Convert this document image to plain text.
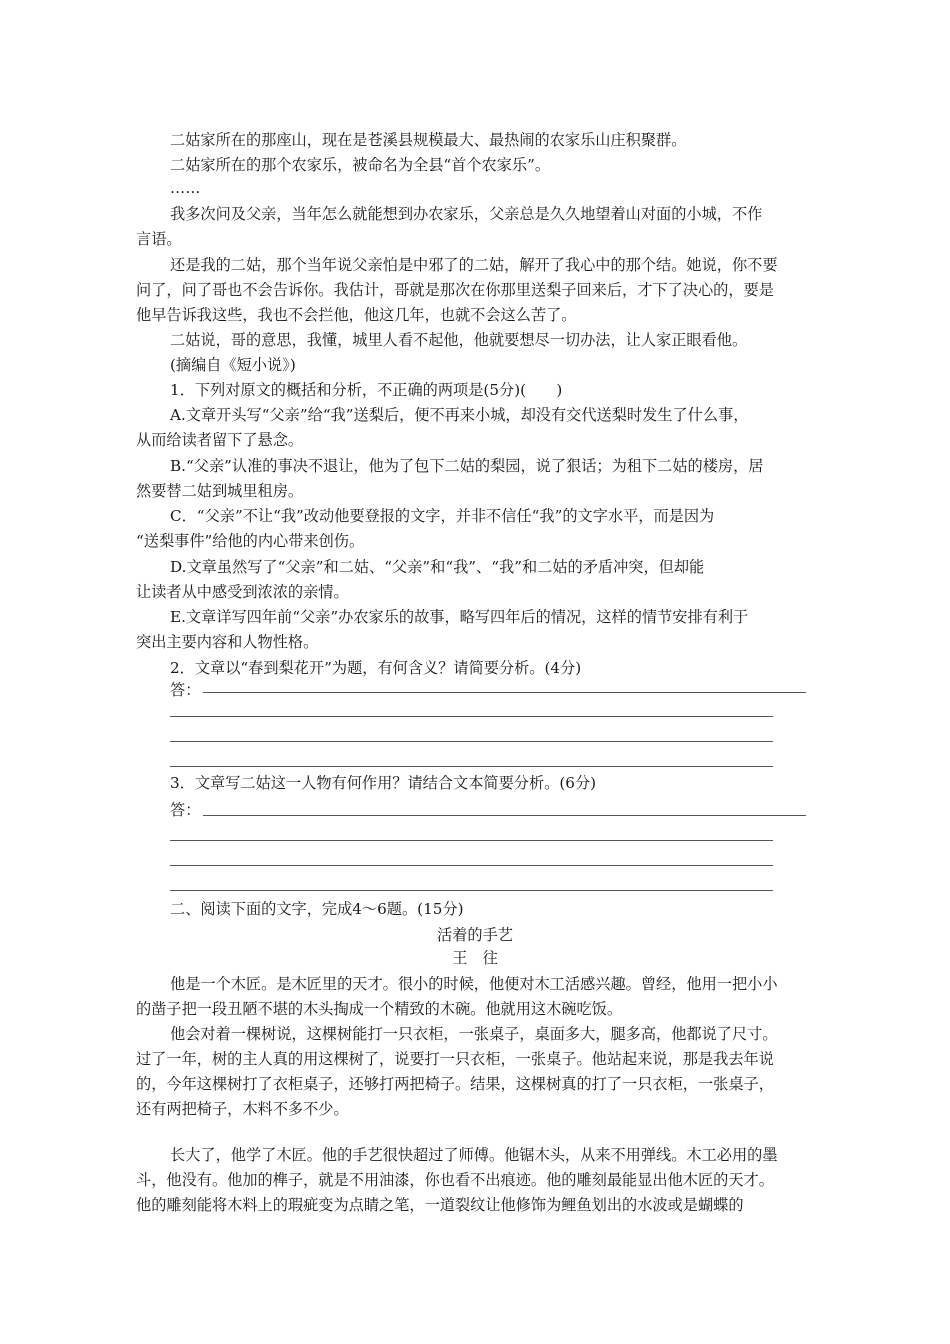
二姑家所在的那座山，现在是苍溪县规模最大、最热闹的农家乐山庄积聚群。
二姑家所在的那个农家乐，被命名为全县“首个农家乐”。
……
我多次问及父亲，当年怎么就能想到办农家乐，父亲总是久久地望着山对面的小城，不作
言语。
还是我的二姑，那个当年说父亲怕是中邪了的二姑，解开了我心中的那个结。她说，你不要
问了，问了哥也不会告诉你。我估计，哥就是那次在你那里送梨子回来后，才下了决心的，要是
他早告诉我这些，我也不会拦他，他这几年，也就不会这么苦了。
二姑说，哥的意思，我懂，城里人看不起他，他就要想尽一切办法，让人家正眼看他。
(摘编自《短小说》)
1．下列对原文的概括和分析，不正确的两项是(5分)(　　)
A.文章开头写“父亲”给“我”送梨后，便不再来小城，却没有交代送梨时发生了什么事，
从而给读者留下了悬念。
B.“父亲”认准的事决不退让，他为了包下二姑的梨园，说了狠话；为租下二姑的楼房，居
然要替二姑到城里租房。
C．“父亲”不让“我”改动他要登报的文字，并非不信任“我”的文字水平，而是因为
“送梨事件”给他的内心带来创伤。
D.文章虽然写了“父亲”和二姑、“父亲”和“我”、“我”和二姑的矛盾冲突，但却能
让读者从中感受到浓浓的亲情。
E.文章详写四年前“父亲”办农家乐的故事，略写四年后的情况，这样的情节安排有利于
突出主要内容和人物性格。
2．文章以“春到梨花开”为题，有何含义？请简要分析。(4分)
答：
3．文章写二姑这一人物有何作用？请结合文本简要分析。(6分)
答：
二、阅读下面的文字，完成4～6题。(15分)
活着的手艺
王　往
他是一个木匠。是木匠里的天才。很小的时候，他便对木工活感兴趣。曾经，他用一把小小
的凿子把一段丑陋不堪的木头掏成一个精致的木碗。他就用这木碗吃饭。
他会对着一棵树说，这棵树能打一只衣柜，一张桌子，桌面多大，腿多高，他都说了尺寸。
过了一年，树的主人真的用这棵树了，说要打一只衣柜，一张桌子。他站起来说，那是我去年说
的，今年这棵树打了衣柜桌子，还够打两把椅子。结果，这棵树真的打了一只衣柜，一张桌子，
还有两把椅子，木料不多不少。
长大了，他学了木匠。他的手艺很快超过了师傅。他锯木头，从来不用弹线。木工必用的墨
斗，他没有。他加的榫子，就是不用油漆，你也看不出痕迹。他的雕刻最能显出他木匠的天才。
他的雕刻能将木料上的瑕疵变为点睛之笔，一道裂纹让他修饰为鲤鱼划出的水波或是蝴蝶的
